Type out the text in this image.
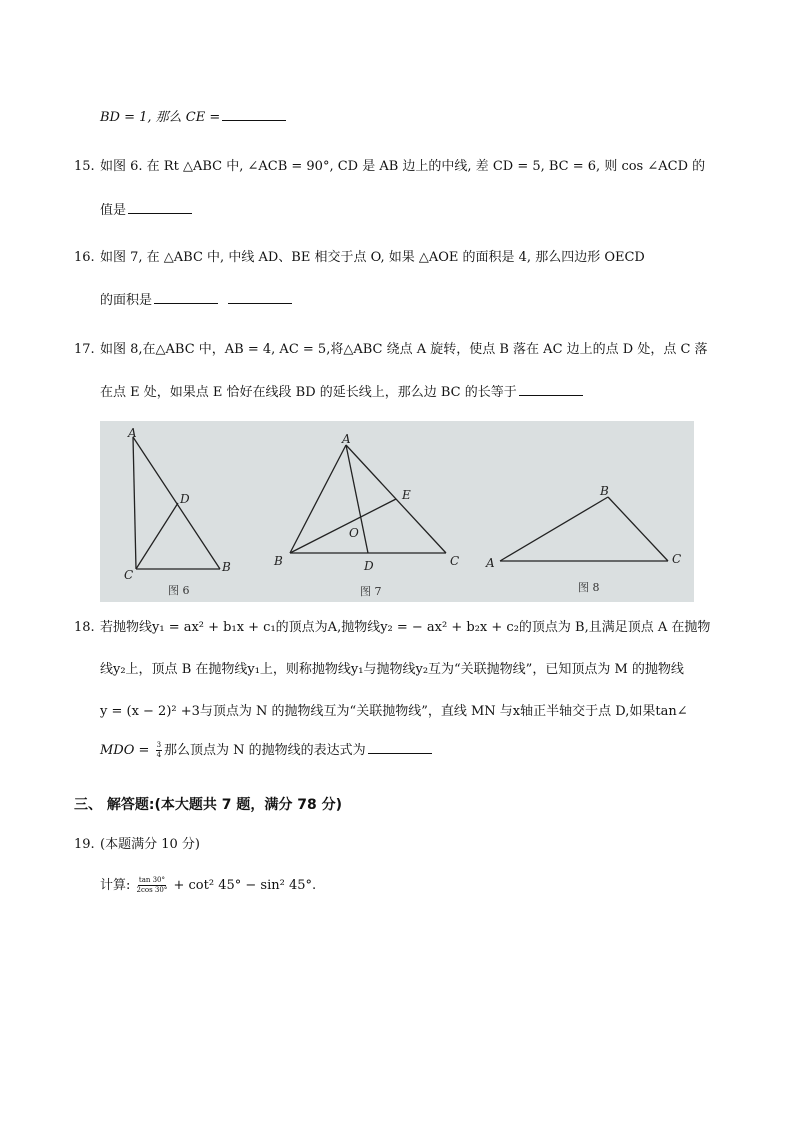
BD = 1, 那么 CE =
15. 如图 6. 在 Rt △ABC 中, ∠ACB = 90°, CD 是 AB 边上的中线, 差 CD = 5, BC = 6, 则 cos ∠ACD 的
值是
16. 如图 7, 在 △ABC 中, 中线 AD、BE 相交于点 O, 如果 △AOE 的面积是 4, 那么四边形 OECD
的面积是
17. 如图 8,在△ABC 中，AB = 4, AC = 5,将△ABC 绕点 A 旋转，使点 B 落在 AC 边上的点 D 处，点 C 落
在点 E 处，如果点 E 恰好在线段 BD 的延长线上，那么边 BC 的长等于
A
D
C
B
图 6
A
E
O
B	D	C
图 7
A
B
C
图 8
18. 若抛物线y₁ = ax² + b₁x + c₁的顶点为A,抛物线y₂ = − ax² + b₂x + c₂的顶点为 B,且满足顶点 A 在抛物
线y₂上，顶点 B 在抛物线y₁上，则称抛物线y₁与抛物线y₂互为“关联抛物线”，已知顶点为 M 的抛物线
y = (x − 2)² +3与顶点为 N 的抛物线互为“关联抛物线”，直线 MN 与x轴正半轴交于点 D,如果tan∠
MDO = $\frac{3}{4}$ 那么顶点为 N 的抛物线的表达式为
三、 解答题:(本大题共 7 题，满分 78 分)
19. (本题满分 10 分)
计算: $\frac{\tan 30^\circ}{2\cos 30^\circ} + \cot^2$ 45° − sin² 45°.
